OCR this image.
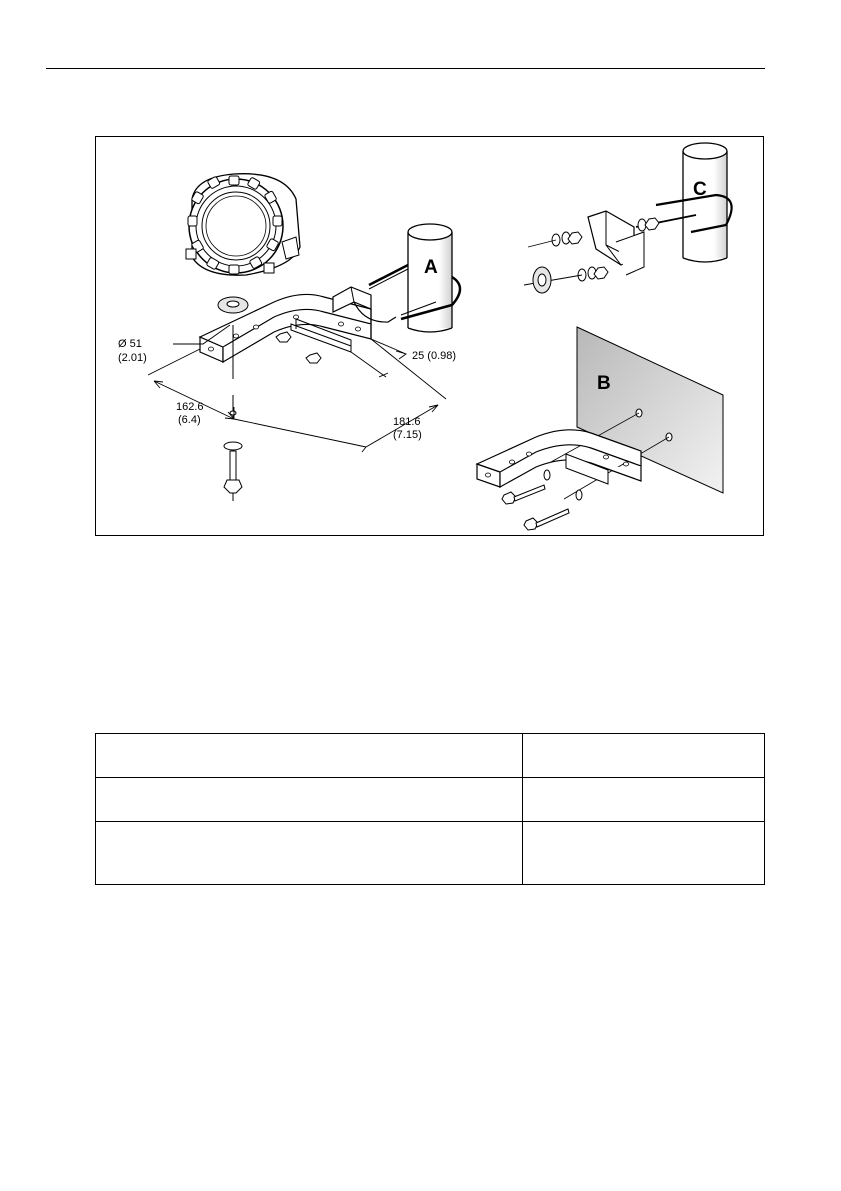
A
Ø 51
(2.01)
162.6
(6.4)	181.6
(7.15)
25 (0.98)
C
B
